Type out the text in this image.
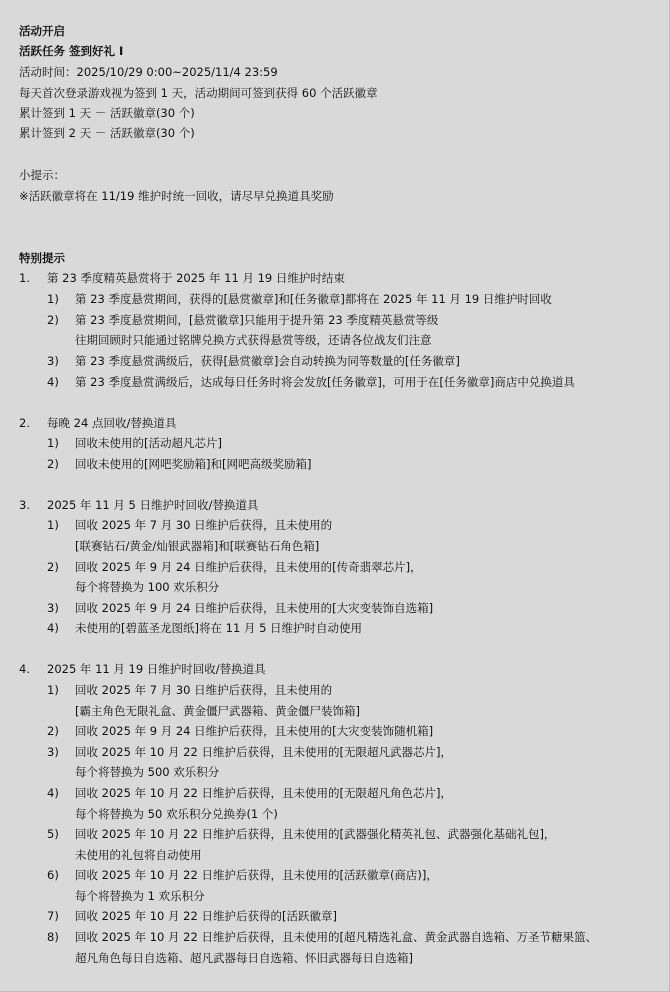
活动开启
活跃任务 签到好礼 Ⅰ
活动时间：2025/10/29 0:00~2025/11/4 23:59
每天首次登录游戏视为签到 1 天，活动期间可签到获得 60 个活跃徽章
累计签到 1 天 － 活跃徽章(30 个)
累计签到 2 天 － 活跃徽章(30 个)
小提示：
※活跃徽章将在 11/19 维护时统一回收，请尽早兑换道具奖励
特别提示
1. 第 23 季度精英悬赏将于 2025 年 11 月 19 日维护时结束
1) 第 23 季度悬赏期间，获得的[悬赏徽章]和[任务徽章]都将在 2025 年 11 月 19 日维护时回收
2) 第 23 季度悬赏期间，[悬赏徽章]只能用于提升第 23 季度精英悬赏等级
往期回顾时只能通过铭牌兑换方式获得悬赏等级，还请各位战友们注意
3) 第 23 季度悬赏满级后，获得[悬赏徽章]会自动转换为同等数量的[任务徽章]
4) 第 23 季度悬赏满级后，达成每日任务时将会发放[任务徽章]，可用于在[任务徽章]商店中兑换道具
2. 每晚 24 点回收/替换道具
1) 回收未使用的[活动超凡芯片]
2) 回收未使用的[网吧奖励箱]和[网吧高级奖励箱]
3. 2025 年 11 月 5 日维护时回收/替换道具
1) 回收 2025 年 7 月 30 日维护后获得，且未使用的
[联赛钻石/黄金/灿银武器箱]和[联赛钻石角色箱]
2) 回收 2025 年 9 月 24 日维护后获得，且未使用的[传奇翡翠芯片]，
每个将替换为 100 欢乐积分
3) 回收 2025 年 9 月 24 日维护后获得，且未使用的[大灾变装饰自选箱]
4) 未使用的[碧蓝圣龙图纸]将在 11 月 5 日维护时自动使用
4. 2025 年 11 月 19 日维护时回收/替换道具
1) 回收 2025 年 7 月 30 日维护后获得，且未使用的
[霸主角色无限礼盒、黄金僵尸武器箱、黄金僵尸装饰箱]
2) 回收 2025 年 9 月 24 日维护后获得，且未使用的[大灾变装饰随机箱]
3) 回收 2025 年 10 月 22 日维护后获得，且未使用的[无限超凡武器芯片]，
每个将替换为 500 欢乐积分
4) 回收 2025 年 10 月 22 日维护后获得，且未使用的[无限超凡角色芯片]，
每个将替换为 50 欢乐积分兑换券(1 个)
5) 回收 2025 年 10 月 22 日维护后获得，且未使用的[武器强化精英礼包、武器强化基础礼包]，
未使用的礼包将自动使用
6) 回收 2025 年 10 月 22 日维护后获得，且未使用的[活跃徽章(商店)]，
每个将替换为 1 欢乐积分
7) 回收 2025 年 10 月 22 日维护后获得的[活跃徽章]
8) 回收 2025 年 10 月 22 日维护后获得，且未使用的[超凡精选礼盒、黄金武器自选箱、万圣节糖果篮、
超凡角色每日自选箱、超凡武器每日自选箱、怀旧武器每日自选箱]
